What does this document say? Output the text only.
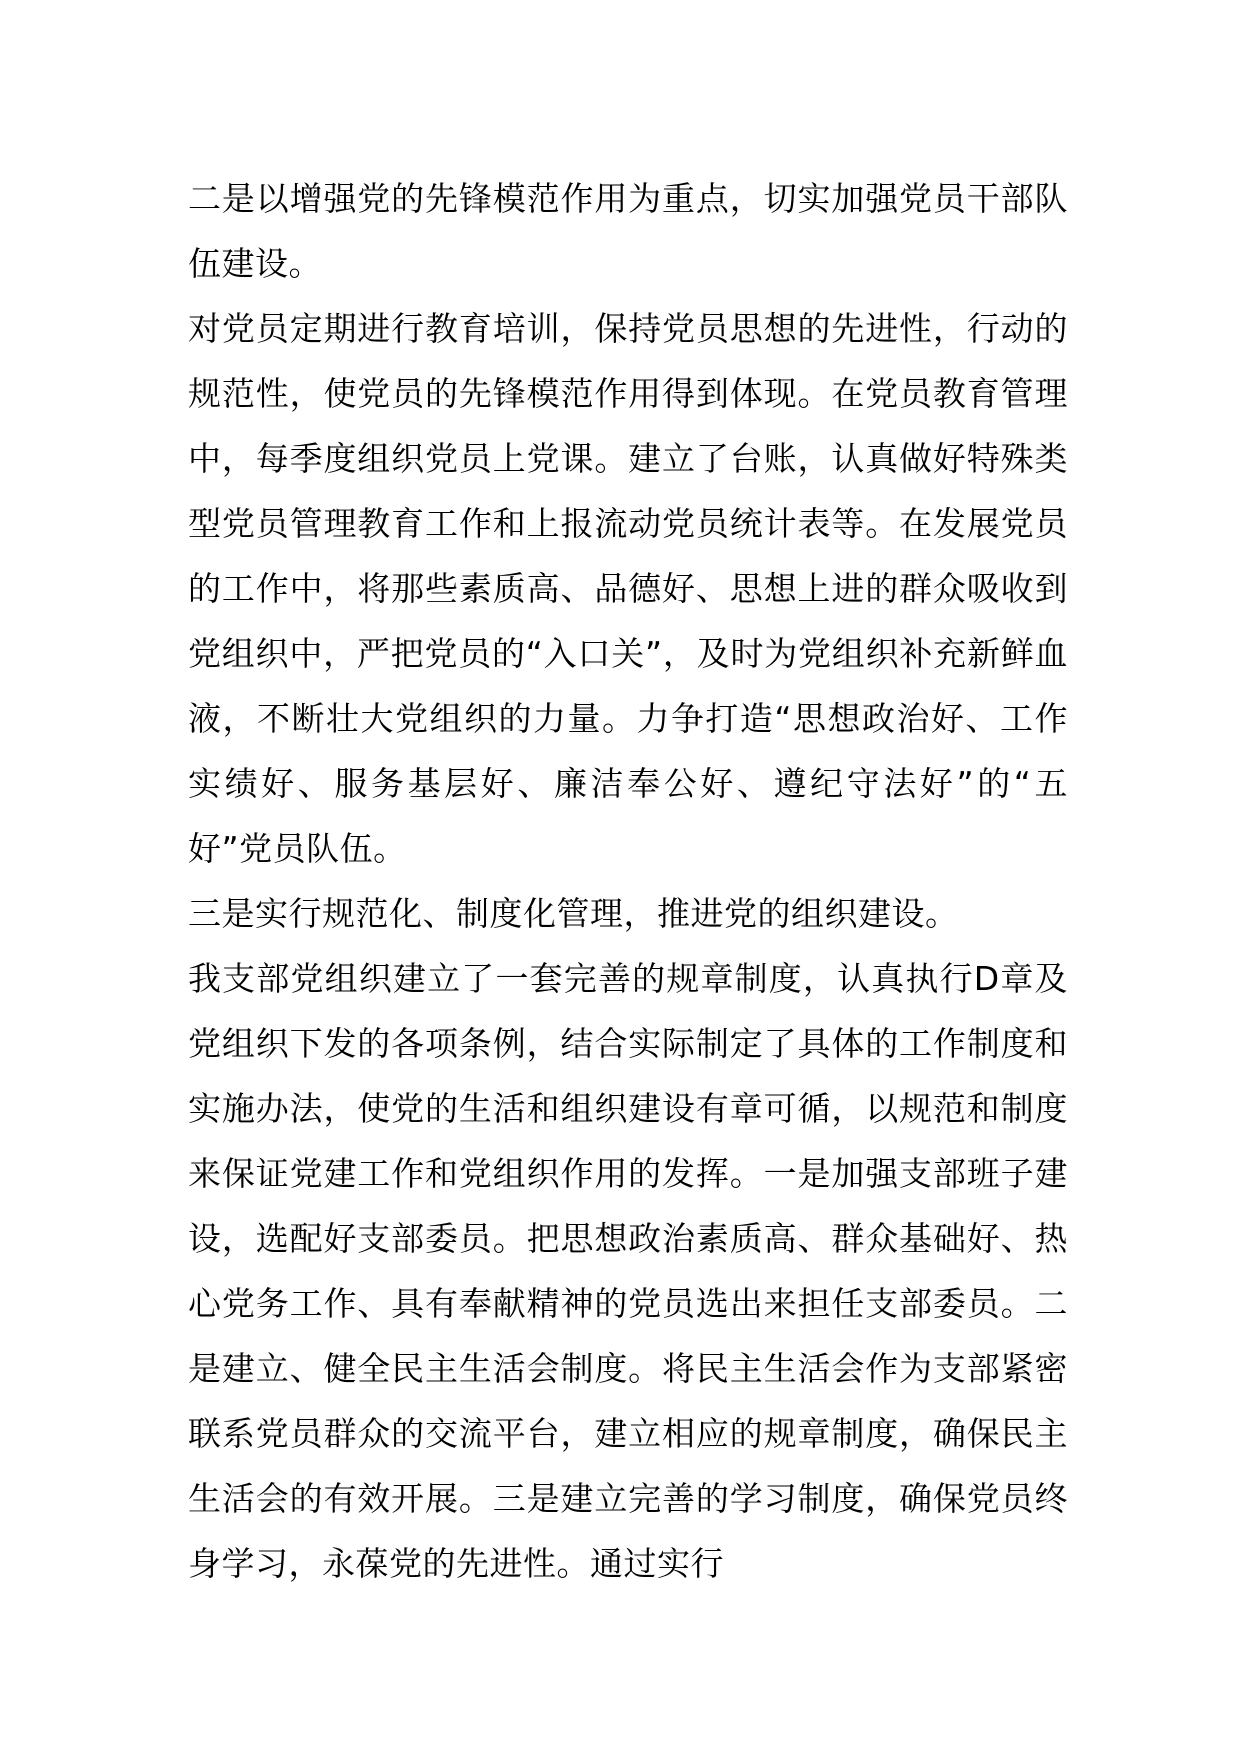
二是以增强党的先锋模范作用为重点，切实加强党员干部队伍建设。

对党员定期进行教育培训，保持党员思想的先进性，行动的规范性，使党员的先锋模范作用得到体现。在党员教育管理中，每季度组织党员上党课。建立了台账，认真做好特殊类型党员管理教育工作和上报流动党员统计表等。在发展党员的工作中，将那些素质高、品德好、思想上进的群众吸收到党组织中，严把党员的“入口关”，及时为党组织补充新鲜血液，不断壮大党组织的力量。力争打造“思想政治好、工作实绩好、服务基层好、廉洁奉公好、遵纪守法好”的“五好”党员队伍。

三是实行规范化、制度化管理，推进党的组织建设。

我支部党组织建立了一套完善的规章制度，认真执行D章及党组织下发的各项条例，结合实际制定了具体的工作制度和实施办法，使党的生活和组织建设有章可循，以规范和制度来保证党建工作和党组织作用的发挥。一是加强支部班子建设，选配好支部委员。把思想政治素质高、群众基础好、热心党务工作、具有奉献精神的党员选出来担任支部委员。二是建立、健全民主生活会制度。将民主生活会作为支部紧密联系党员群众的交流平台，建立相应的规章制度，确保民主生活会的有效开展。三是建立完善的学习制度，确保党员终身学习，永葆党的先进性。通过实行
